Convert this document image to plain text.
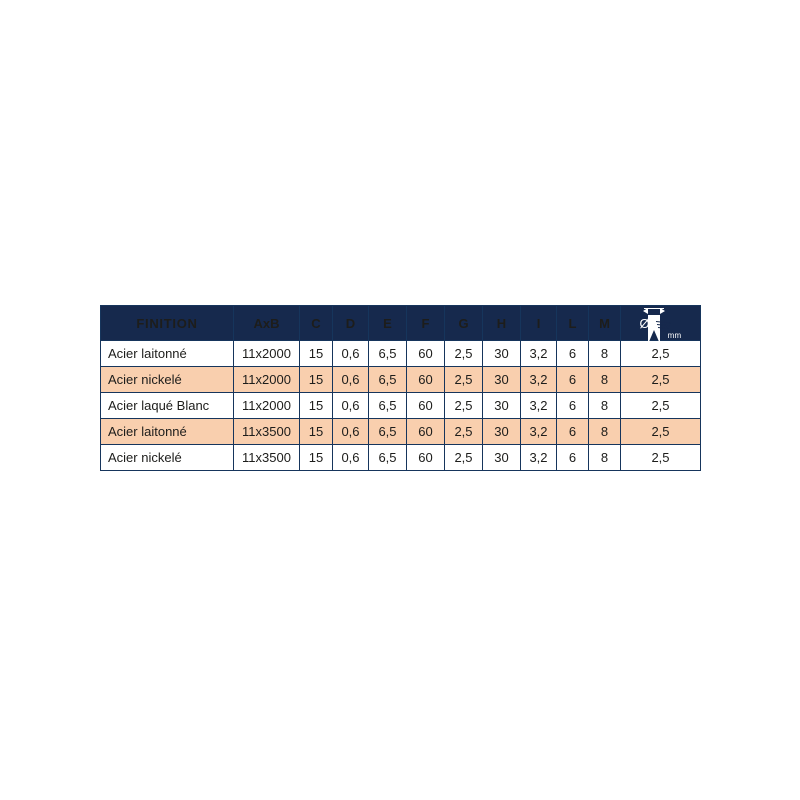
FINITION	AxB	C	D	E	F	G	H	I	L	M	Ø
mm

Acier laitonné	11x2000	15	0,6	6,5	60	2,5	30	3,2	6	8	2,5
Acier nickelé	11x2000	15	0,6	6,5	60	2,5	30	3,2	6	8	2,5
Acier laqué Blanc	11x2000	15	0,6	6,5	60	2,5	30	3,2	6	8	2,5
Acier laitonné	11x3500	15	0,6	6,5	60	2,5	30	3,2	6	8	2,5
Acier nickelé	11x3500	15	0,6	6,5	60	2,5	30	3,2	6	8	2,5
